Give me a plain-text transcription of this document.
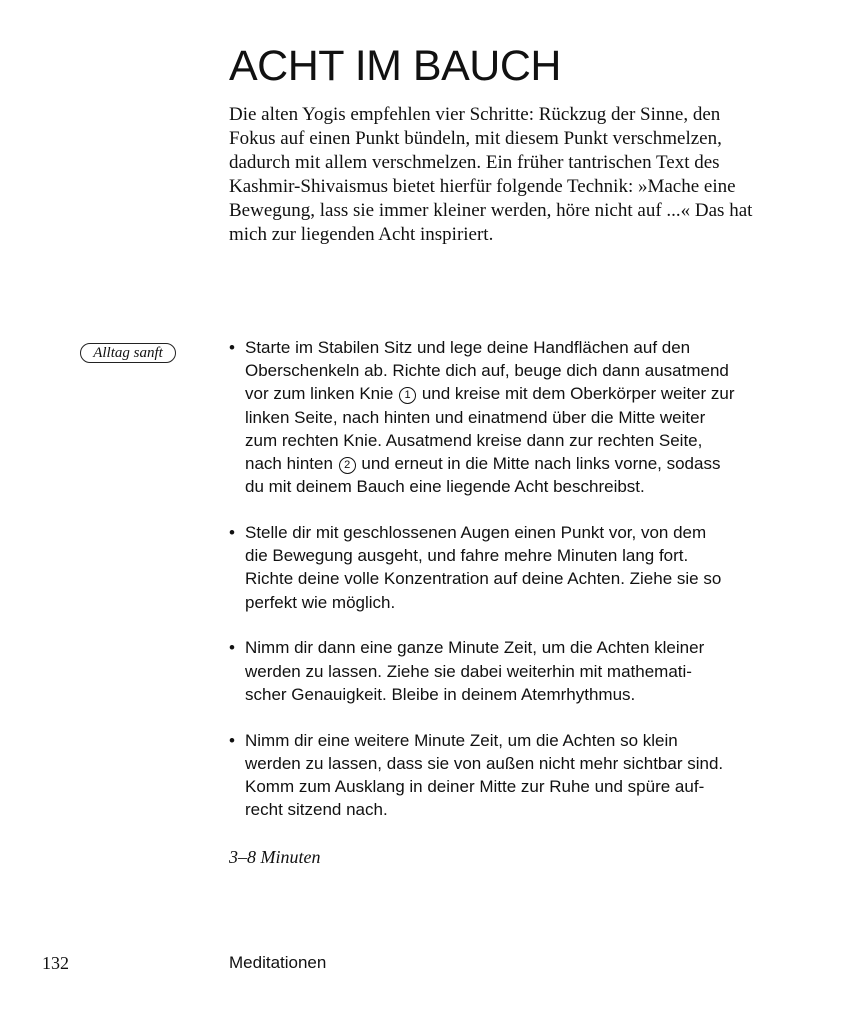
ACHT IM BAUCH
Die alten Yogis empfehlen vier Schritte: Rückzug der Sinne, den
Fokus auf einen Punkt bündeln, mit diesem Punkt verschmelzen,
dadurch mit allem verschmelzen. Ein früher tantrischen Text des
Kashmir-Shivaismus bietet hierfür folgende Technik: »Mache eine
Bewegung, lass sie immer kleiner werden, höre nicht auf ...« Das hat
mich zur liegenden Acht inspiriert.
Alltag sanft	• Starte im Stabilen Sitz und lege deine Handflächen auf den
Oberschenkeln ab. Richte dich auf, beuge dich dann ausatmend
vor zum linken Knie 1 und kreise mit dem Oberkörper weiter zur
linken Seite, nach hinten und einatmend über die Mitte weiter
zum rechten Knie. Ausatmend kreise dann zur rechten Seite,
nach hinten 2 und erneut in die Mitte nach links vorne, sodass
du mit deinem Bauch eine liegende Acht beschreibst.
• Stelle dir mit geschlossenen Augen einen Punkt vor, von dem
die Bewegung ausgeht, und fahre mehre Minuten lang fort.
Richte deine volle Konzentration auf deine Achten. Ziehe sie so
perfekt wie möglich.
• Nimm dir dann eine ganze Minute Zeit, um die Achten kleiner
werden zu lassen. Ziehe sie dabei weiterhin mit mathemati-
scher Genauigkeit. Bleibe in deinem Atemrhythmus.
• Nimm dir eine weitere Minute Zeit, um die Achten so klein
werden zu lassen, dass sie von außen nicht mehr sichtbar sind.
Komm zum Ausklang in deiner Mitte zur Ruhe und spüre auf-
recht sitzend nach.
3–8 Minuten
132	Meditationen
